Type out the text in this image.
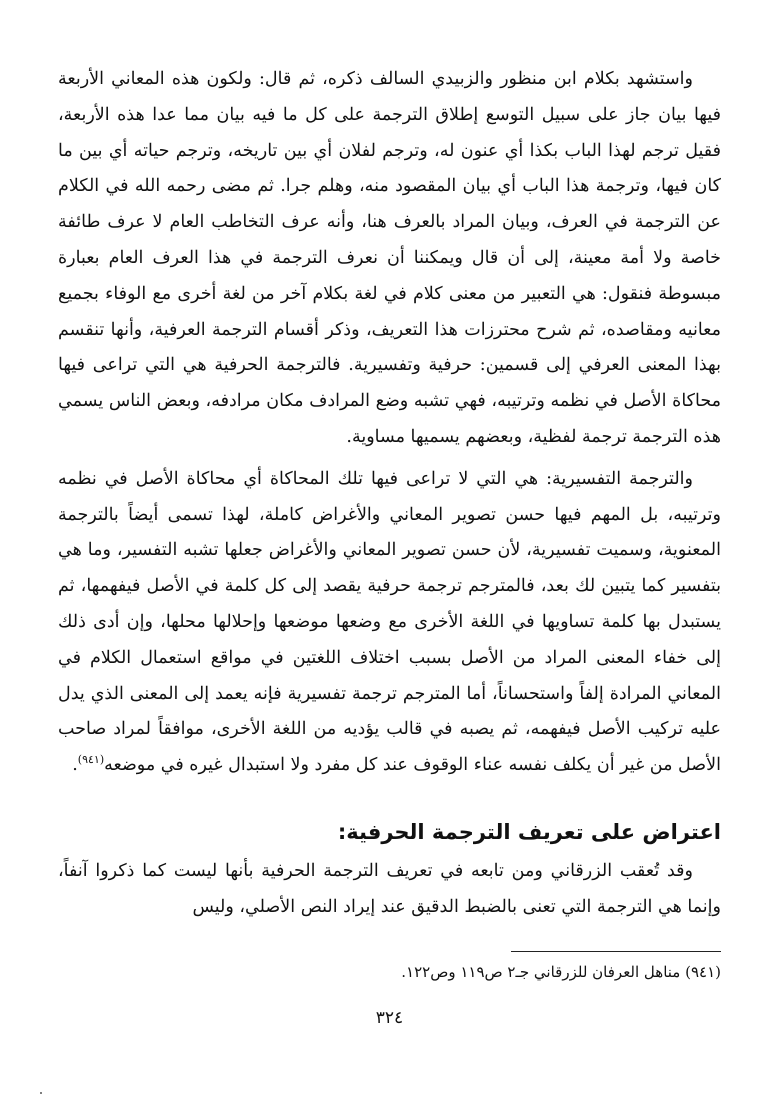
واستشهد بكلام ابن منظور والزبيدي السالف ذكره، ثم قال: ولكون هذه المعاني الأربعة فيها بيان جاز على سبيل التوسع إطلاق الترجمة على كل ما فيه بيان مما عدا هذه الأربعة، فقيل ترجم لهذا الباب بكذا أي عنون له، وترجم لفلان أي بين تاريخه، وترجم حياته أي بين ما كان فيها، وترجمة هذا الباب أي بيان المقصود منه، وهلم جرا. ثم مضى رحمه الله في الكلام عن الترجمة في العرف، وبيان المراد بالعرف هنا، وأنه عرف التخاطب العام لا عرف طائفة خاصة ولا أمة معينة، إلى أن قال ويمكننا أن نعرف الترجمة في هذا العرف العام بعبارة مبسوطة فنقول: هي التعبير من معنى كلام في لغة بكلام آخر من لغة أخرى مع الوفاء بجميع معانيه ومقاصده، ثم شرح محترزات هذا التعريف، وذكر أقسام الترجمة العرفية، وأنها تنقسم بهذا المعنى العرفي إلى قسمين: حرفية وتفسيرية. فالترجمة الحرفية هي التي تراعى فيها محاكاة الأصل في نظمه وترتيبه، فهي تشبه وضع المرادف مكان مرادفه، وبعض الناس يسمي هذه الترجمة ترجمة لفظية، وبعضهم يسميها مساوية.

والترجمة التفسيرية: هي التي لا تراعى فيها تلك المحاكاة أي محاكاة الأصل في نظمه وترتيبه، بل المهم فيها حسن تصوير المعاني والأغراض كاملة، لهذا تسمى أيضاً بالترجمة المعنوية، وسميت تفسيرية، لأن حسن تصوير المعاني والأغراض جعلها تشبه التفسير، وما هي بتفسير كما يتبين لك بعد، فالمترجم ترجمة حرفية يقصد إلى كل كلمة في الأصل فيفهمها، ثم يستبدل بها كلمة تساويها في اللغة الأخرى مع وضعها موضعها وإحلالها محلها، وإن أدى ذلك إلى خفاء المعنى المراد من الأصل بسبب اختلاف اللغتين في مواقع استعمال الكلام في المعاني المرادة إلفاً واستحساناً، أما المترجم ترجمة تفسيرية فإنه يعمد إلى المعنى الذي يدل عليه تركيب الأصل فيفهمه، ثم يصبه في قالب يؤديه من اللغة الأخرى، موافقاً لمراد صاحب الأصل من غير أن يكلف نفسه عناء الوقوف عند كل مفرد ولا استبدال غيره في موضعه$^{(٩٤١)}$.

اعتراض على تعريف الترجمة الحرفية:

وقد تُعقب الزرقاني ومن تابعه في تعريف الترجمة الحرفية بأنها ليست كما ذكروا آنفاً، وإنما هي الترجمة التي تعنى بالضبط الدقيق عند إيراد النص الأصلي، وليس

(٩٤١) مناهل العرفان للزرقاني جـ٢ ص١١٩ وص١٢٢.
٣٢٤
